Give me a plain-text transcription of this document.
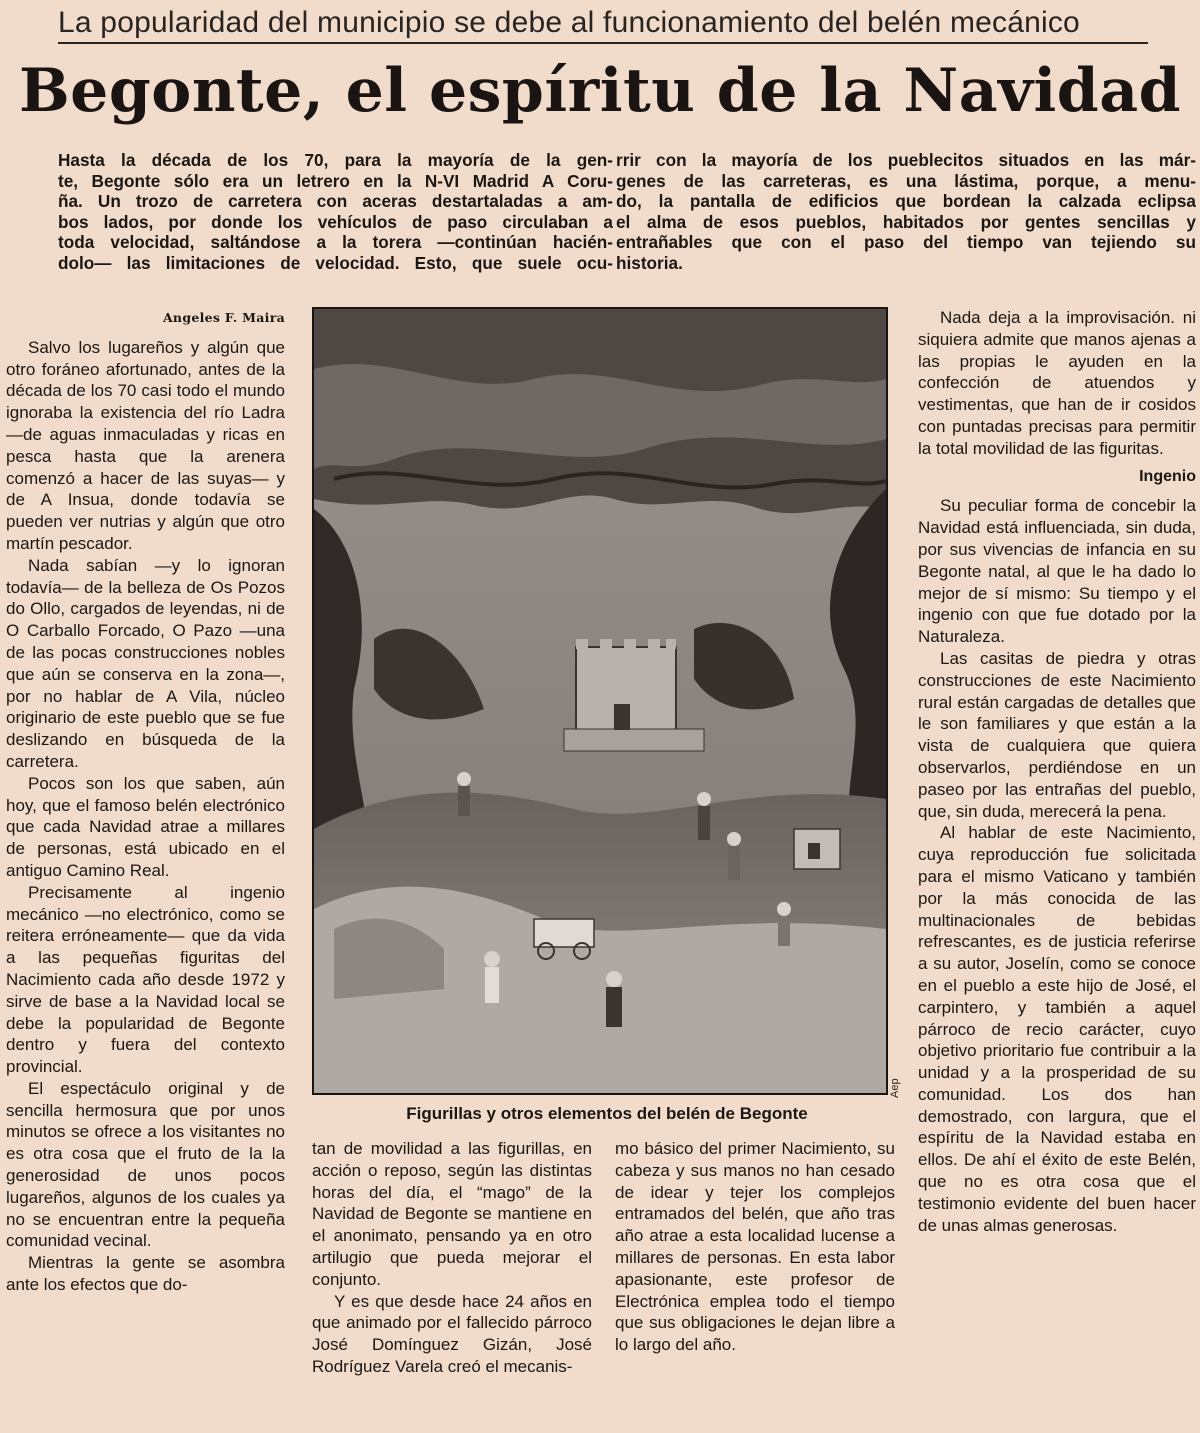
La popularidad del municipio se debe al funcionamiento del belén mecánico
Begonte, el espíritu de la Navidad
Hasta la década de los 70, para la mayoría de la gen-
te, Begonte sólo era un letrero en la N-VI Madrid A Coru-
ña. Un trozo de carretera con aceras destartaladas a am-
bos lados, por donde los vehículos de paso circulaban a
toda velocidad, saltándose a la torera —continúan hacién-
dolo— las limitaciones de velocidad. Esto, que suele ocu-
rrir con la mayoría de los pueblecitos situados en las már-
genes de las carreteras, es una lástima, porque, a menu-
do, la pantalla de edificios que bordean la calzada eclipsa
el alma de esos pueblos, habitados por gentes sencillas y
entrañables que con el paso del tiempo van tejiendo su
historia.
Angeles F. Maira

Salvo los lugareños y algún que otro foráneo afortunado, antes de la década de los 70 casi todo el mundo ignoraba la existencia del río Ladra —de aguas inmaculadas y ricas en pesca hasta que la arenera comenzó a hacer de las suyas— y de A Insua, donde todavía se pueden ver nutrias y algún que otro martín pescador.

Nada sabían —y lo ignoran todavía— de la belleza de Os Pozos do Ollo, cargados de leyendas, ni de O Carballo Forcado, O Pazo —una de las pocas construcciones nobles que aún se conserva en la zona—, por no hablar de A Vila, núcleo originario de este pueblo que se fue deslizando en búsqueda de la carretera.

Pocos son los que saben, aún hoy, que el famoso belén electrónico que cada Navidad atrae a millares de personas, está ubicado en el antiguo Camino Real.

Precisamente al ingenio mecánico —no electrónico, como se reitera erróneamente— que da vida a las pequeñas figuritas del Nacimiento cada año desde 1972 y sirve de base a la Navidad local se debe la popularidad de Begonte dentro y fuera del contexto provincial.

El espectáculo original y de sencilla hermosura que por unos minutos se ofrece a los visitantes no es otra cosa que el fruto de la la generosidad de unos pocos lugareños, algunos de los cuales ya no se encuentran entre la pequeña comunidad vecinal.

Mientras la gente se asombra ante los efectos que do-

Aep
Figurillas y otros elementos del belén de Begonte

tan de movilidad a las figurillas, en acción o reposo, según las distintas horas del día, el “mago” de la Navidad de Begonte se mantiene en el anonimato, pensando ya en otro artilugio que pueda mejorar el conjunto.

Y es que desde hace 24 años en que animado por el fallecido párroco José Domínguez Gizán, José Rodríguez Varela creó el mecanis-

mo básico del primer Nacimiento, su cabeza y sus manos no han cesado de idear y tejer los complejos entramados del belén, que año tras año atrae a esta localidad lucense a millares de personas. En esta labor apasionante, este profesor de Electrónica emplea todo el tiempo que sus obligaciones le dejan libre a lo largo del año.

Nada deja a la improvisación. ni siquiera admite que manos ajenas a las propias le ayuden en la confección de atuendos y vestimentas, que han de ir cosidos con puntadas precisas para permitir la total movilidad de las figuritas.

Ingenio

Su peculiar forma de concebir la Navidad está influenciada, sin duda, por sus vivencias de infancia en su Begonte natal, al que le ha dado lo mejor de sí mismo: Su tiempo y el ingenio con que fue dotado por la Naturaleza.

Las casitas de piedra y otras construcciones de este Nacimiento rural están cargadas de detalles que le son familiares y que están a la vista de cualquiera que quiera observarlos, perdiéndose en un paseo por las entrañas del pueblo, que, sin duda, merecerá la pena.

Al hablar de este Nacimiento, cuya reproducción fue solicitada para el mismo Vaticano y también por la más conocida de las multinacionales de bebidas refrescantes, es de justicia referirse a su autor, Joselín, como se conoce en el pueblo a este hijo de José, el carpintero, y también a aquel párroco de recio carácter, cuyo objetivo prioritario fue contribuir a la unidad y a la prosperidad de su comunidad. Los dos han demostrado, con largura, que el espíritu de la Navidad estaba en ellos. De ahí el éxito de este Belén, que no es otra cosa que el testimonio evidente del buen hacer de unas almas generosas.
